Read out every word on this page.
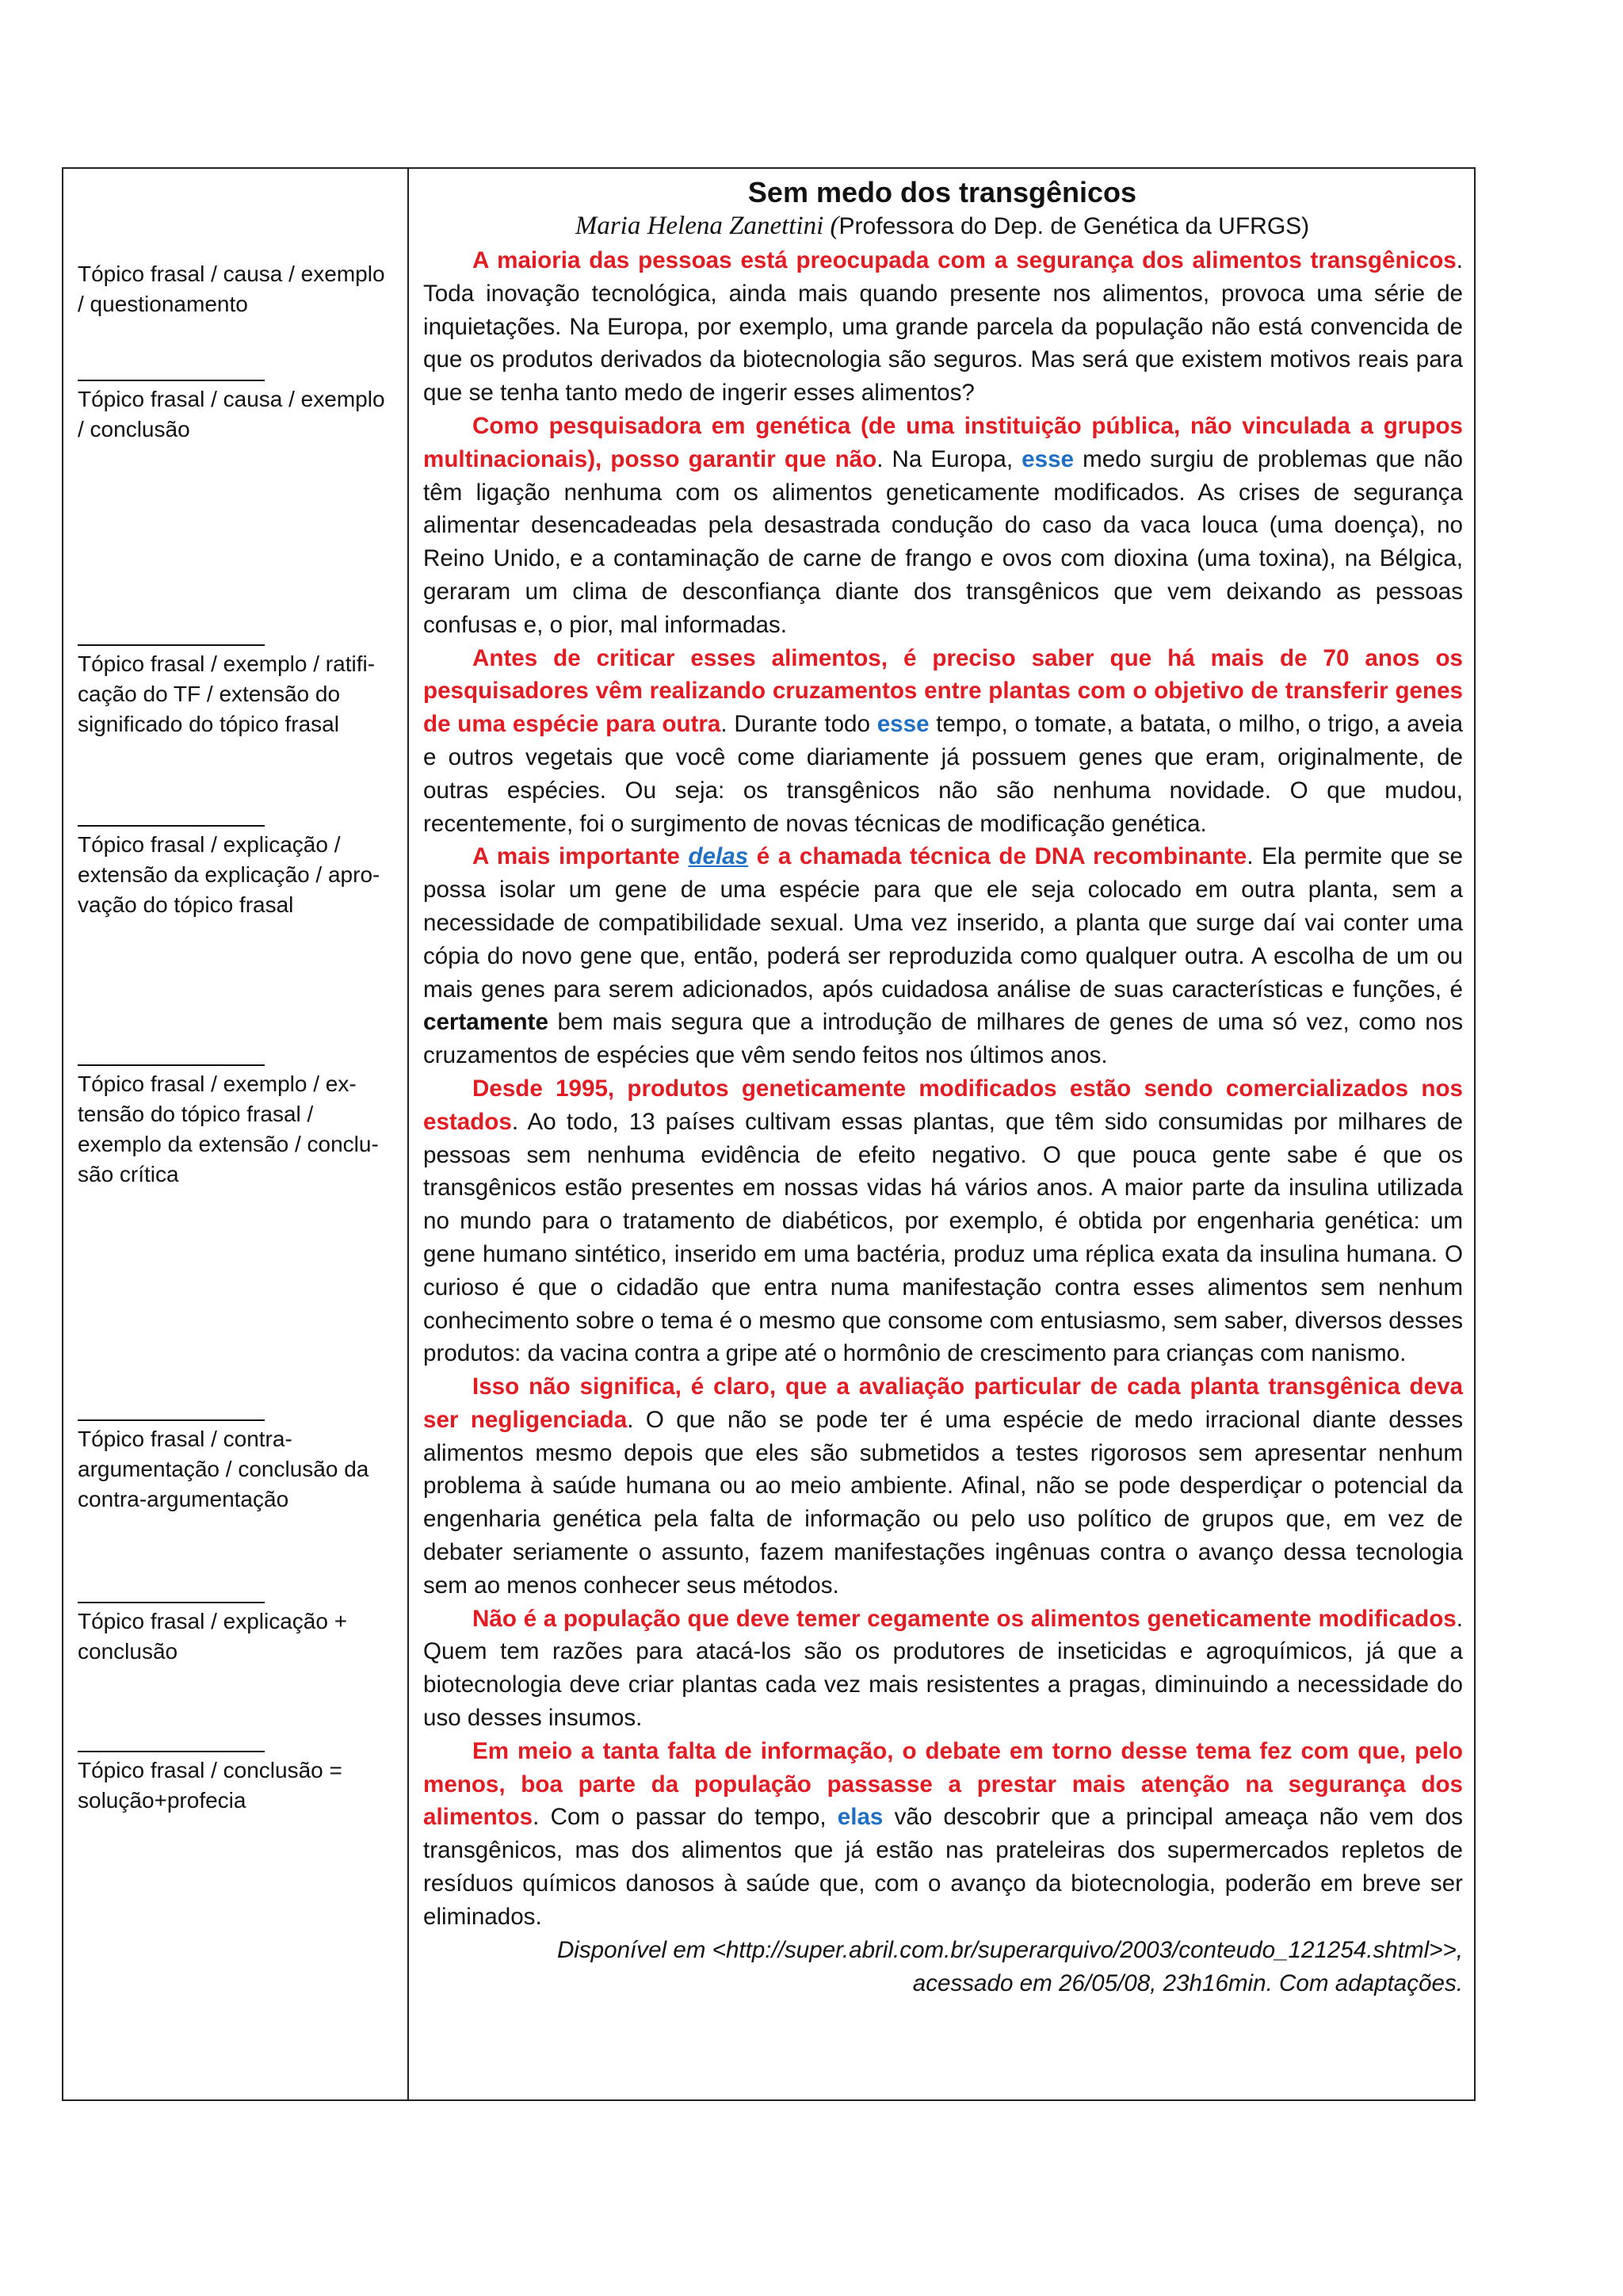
Tópico frasal / causa / exemplo / questionamento
Tópico frasal / causa / exemplo / conclusão
Tópico frasal / exemplo / ratifi-cação do TF / extensão do significado do tópico frasal
Tópico frasal / explicação / extensão da explicação / apro-vação do tópico frasal
Tópico frasal / exemplo / ex-tensão do tópico frasal / exemplo da extensão / conclu-são crítica
Tópico frasal / contra-argumentação / conclusão da contra-argumentação
Tópico frasal / explicação + conclusão
Tópico frasal / conclusão = solução+profecia
Sem medo dos transgênicos
Maria Helena Zanettini (Professora do Dep. de Genética da UFRGS)

A maioria das pessoas está preocupada com a segurança dos alimentos transgênicos. Toda inovação tecnológica, ainda mais quando presente nos alimentos, provoca uma série de inquietações. Na Europa, por exemplo, uma grande parcela da população não está convencida de que os produtos derivados da biotecnologia são seguros. Mas será que existem motivos reais para que se tenha tanto medo de ingerir esses alimentos?

Como pesquisadora em genética (de uma instituição pública, não vinculada a grupos multinacionais), posso garantir que não. Na Europa, esse medo surgiu de problemas que não têm ligação nenhuma com os alimentos geneticamente modificados. As crises de segurança alimentar desencadeadas pela desastrada condução do caso da vaca louca (uma doença), no Reino Unido, e a contaminação de carne de frango e ovos com dioxina (uma toxina), na Bélgica, geraram um clima de desconfiança diante dos transgênicos que vem deixando as pessoas confusas e, o pior, mal informadas.

Antes de criticar esses alimentos, é preciso saber que há mais de 70 anos os pesquisadores vêm realizando cruzamentos entre plantas com o objetivo de transferir genes de uma espécie para outra. Durante todo esse tempo, o tomate, a batata, o milho, o trigo, a aveia e outros vegetais que você come diariamente já possuem genes que eram, originalmente, de outras espécies. Ou seja: os transgênicos não são nenhuma novidade. O que mudou, recentemente, foi o surgimento de novas técnicas de modificação genética.

A mais importante delas é a chamada técnica de DNA recombinante. Ela permite que se possa isolar um gene de uma espécie para que ele seja colocado em outra planta, sem a necessidade de compatibilidade sexual. Uma vez inserido, a planta que surge daí vai conter uma cópia do novo gene que, então, poderá ser reproduzida como qualquer outra. A escolha de um ou mais genes para serem adicionados, após cuidadosa análise de suas características e funções, é certamente bem mais segura que a introdução de milhares de genes de uma só vez, como nos cruzamentos de espécies que vêm sendo feitos nos últimos anos.

Desde 1995, produtos geneticamente modificados estão sendo comercializados nos estados. Ao todo, 13 países cultivam essas plantas, que têm sido consumidas por milhares de pessoas sem nenhuma evidência de efeito negativo. O que pouca gente sabe é que os transgênicos estão presentes em nossas vidas há vários anos. A maior parte da insulina utilizada no mundo para o tratamento de diabéticos, por exemplo, é obtida por engenharia genética: um gene humano sintético, inserido em uma bactéria, produz uma réplica exata da insulina humana. O curioso é que o cidadão que entra numa manifestação contra esses alimentos sem nenhum conhecimento sobre o tema é o mesmo que consome com entusiasmo, sem saber, diversos desses produtos: da vacina contra a gripe até o hormônio de crescimento para crianças com nanismo.

Isso não significa, é claro, que a avaliação particular de cada planta transgênica deva ser negligenciada. O que não se pode ter é uma espécie de medo irracional diante desses alimentos mesmo depois que eles são submetidos a testes rigorosos sem apresentar nenhum problema à saúde humana ou ao meio ambiente. Afinal, não se pode desperdiçar o potencial da engenharia genética pela falta de informação ou pelo uso político de grupos que, em vez de debater seriamente o assunto, fazem manifestações ingênuas contra o avanço dessa tecnologia sem ao menos conhecer seus métodos.

Não é a população que deve temer cegamente os alimentos geneticamente modificados. Quem tem razões para atacá-los são os produtores de inseticidas e agroquímicos, já que a biotecnologia deve criar plantas cada vez mais resistentes a pragas, diminuindo a necessidade do uso desses insumos.

Em meio a tanta falta de informação, o debate em torno desse tema fez com que, pelo menos, boa parte da população passasse a prestar mais atenção na segurança dos alimentos. Com o passar do tempo, elas vão descobrir que a principal ameaça não vem dos transgênicos, mas dos alimentos que já estão nas prateleiras dos supermercados repletos de resíduos químicos danosos à saúde que, com o avanço da biotecnologia, poderão em breve ser eliminados.

Disponível em <http://super.abril.com.br/superarquivo/2003/conteudo_121254.shtml>>,
acessado em 26/05/08, 23h16min. Com adaptações.
